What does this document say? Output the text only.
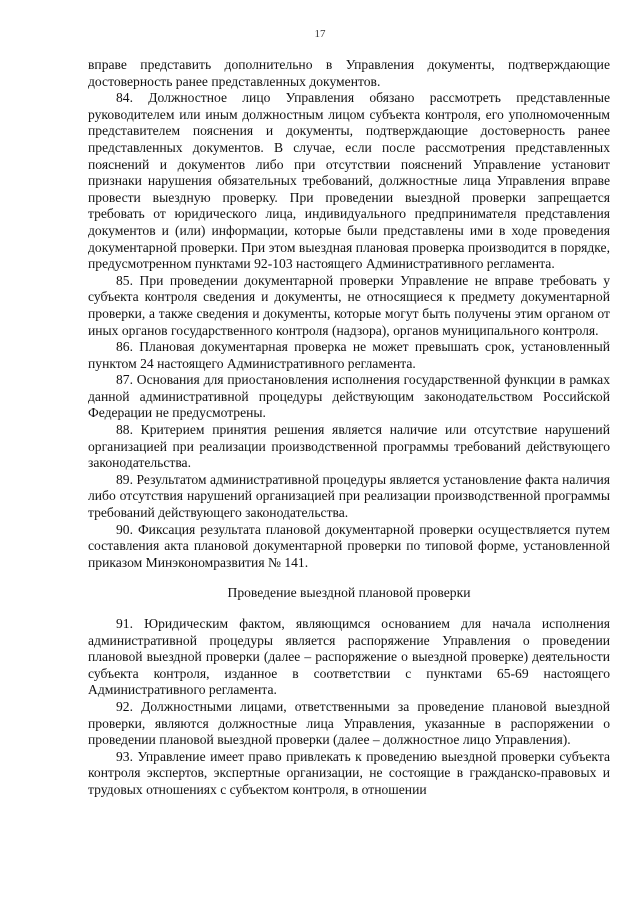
17

вправе представить дополнительно в Управления документы, подтверждающие достоверность ранее представленных документов.

84. Должностное лицо Управления обязано рассмотреть представленные руководителем или иным должностным лицом субъекта контроля, его уполномоченным представителем пояснения и документы, подтверждающие достоверность ранее представленных документов. В случае, если после рассмотрения представленных пояснений и документов либо при отсутствии пояснений Управление установит признаки нарушения обязательных требований, должностные лица Управления вправе провести выездную проверку. При проведении выездной проверки запрещается требовать от юридического лица, индивидуального предпринимателя представления документов и (или) информации, которые были представлены ими в ходе проведения документарной проверки. При этом выездная плановая проверка производится в порядке, предусмотренном пунктами 92-103 настоящего Административного регламента.

85. При проведении документарной проверки Управление не вправе требовать у субъекта контроля сведения и документы, не относящиеся к предмету документарной проверки, а также сведения и документы, которые могут быть получены этим органом от иных органов государственного контроля (надзора), органов муниципального контроля.

86. Плановая документарная проверка не может превышать срок, установленный пунктом 24 настоящего Административного регламента.

87. Основания для приостановления исполнения государственной функции в рамках данной административной процедуры действующим законодательством Российской Федерации не предусмотрены.

88. Критерием принятия решения является наличие или отсутствие нарушений организацией при реализации производственной программы требований действующего законодательства.

89. Результатом административной процедуры является установление факта наличия либо отсутствия нарушений организацией при реализации производственной программы требований действующего законодательства.

90. Фиксация результата плановой документарной проверки осуществляется путем составления акта плановой документарной проверки по типовой форме, установленной приказом Минэкономразвития № 141.

Проведение выездной плановой проверки

91. Юридическим фактом, являющимся основанием для начала исполнения административной процедуры является распоряжение Управления о проведении плановой выездной проверки (далее – распоряжение о выездной проверке) деятельности субъекта контроля, изданное в соответствии с пунктами 65-69 настоящего Административного регламента.

92. Должностными лицами, ответственными за проведение плановой выездной проверки, являются должностные лица Управления, указанные в распоряжении о проведении плановой выездной проверки (далее – должностное лицо Управления).

93. Управление имеет право привлекать к проведению выездной проверки субъекта контроля экспертов, экспертные организации, не состоящие в гражданско-правовых и трудовых отношениях с субъектом контроля, в отношении
